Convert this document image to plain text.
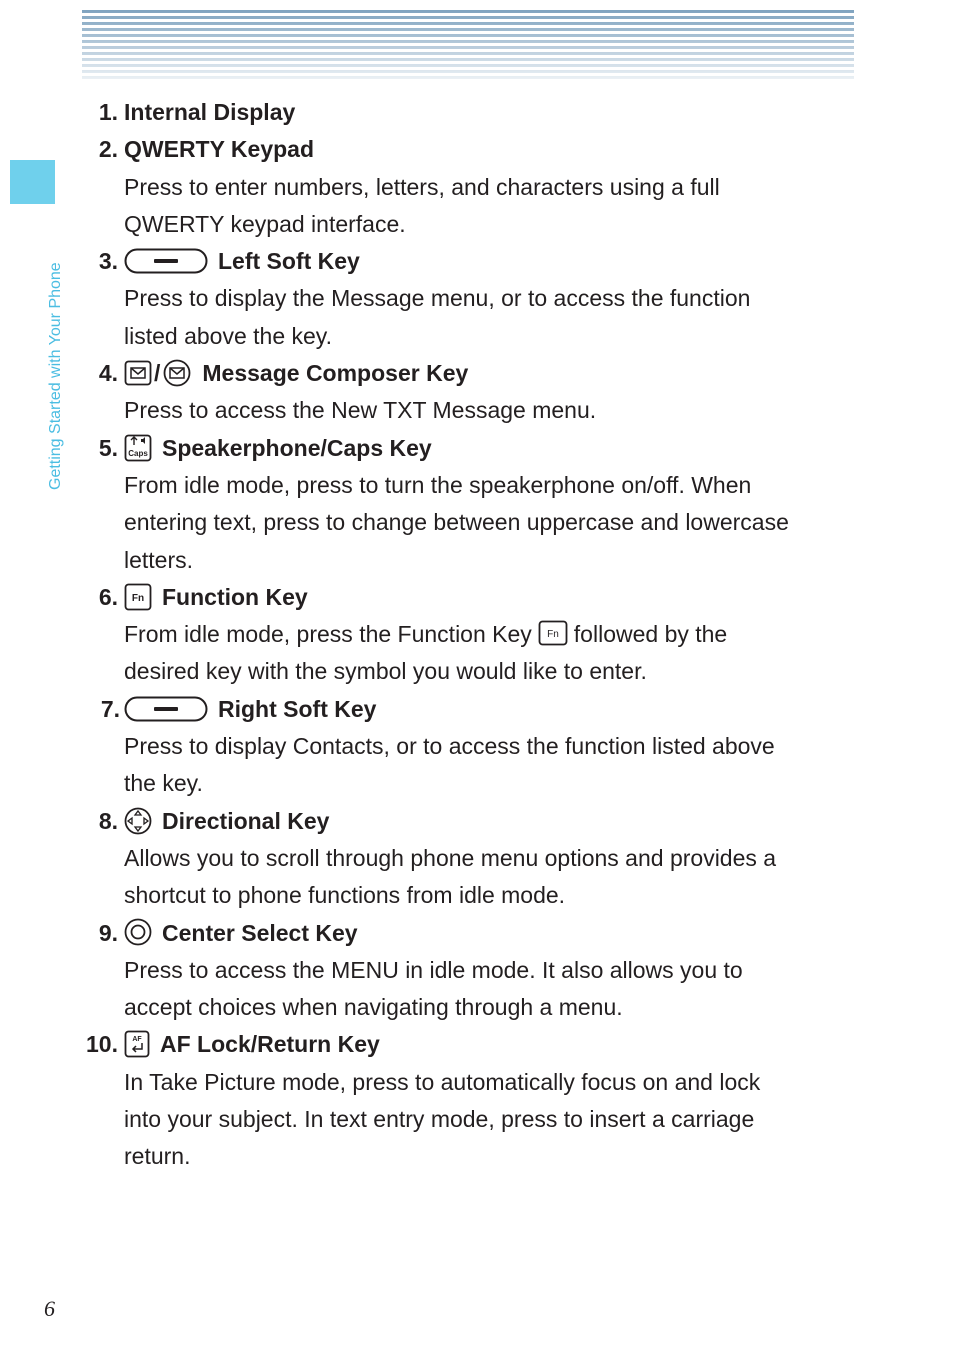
Getting Started with Your Phone
1. Internal Display
2. QWERTY Keypad
Press to enter numbers, letters, and characters using a full
QWERTY keypad interface.
3.	Left Soft Key
Press to display the Message menu, or to access the function
listed above the key.
4.	/ Message Composer Key
Press to access the New TXT Message menu.
5. Caps Speakerphone/Caps Key
From idle mode, press to turn the speakerphone on/off. When
entering text, press to change between uppercase and lowercase
letters.
6. Fn Function Key
From idle mode, press the Function Key Fn followed by the
desired key with the symbol you would like to enter.
7.	Right Soft Key
Press to display Contacts, or to access the function listed above
the key.
8.	Directional Key
Allows you to scroll through phone menu options and provides a
shortcut to phone functions from idle mode.
9.	Center Select Key
Press to access the MENU in idle mode. It also allows you to
accept choices when navigating through a menu.
10. AF AF Lock/Return Key
In Take Picture mode, press to automatically focus on and lock
into your subject. In text entry mode, press to insert a carriage
return.
6
